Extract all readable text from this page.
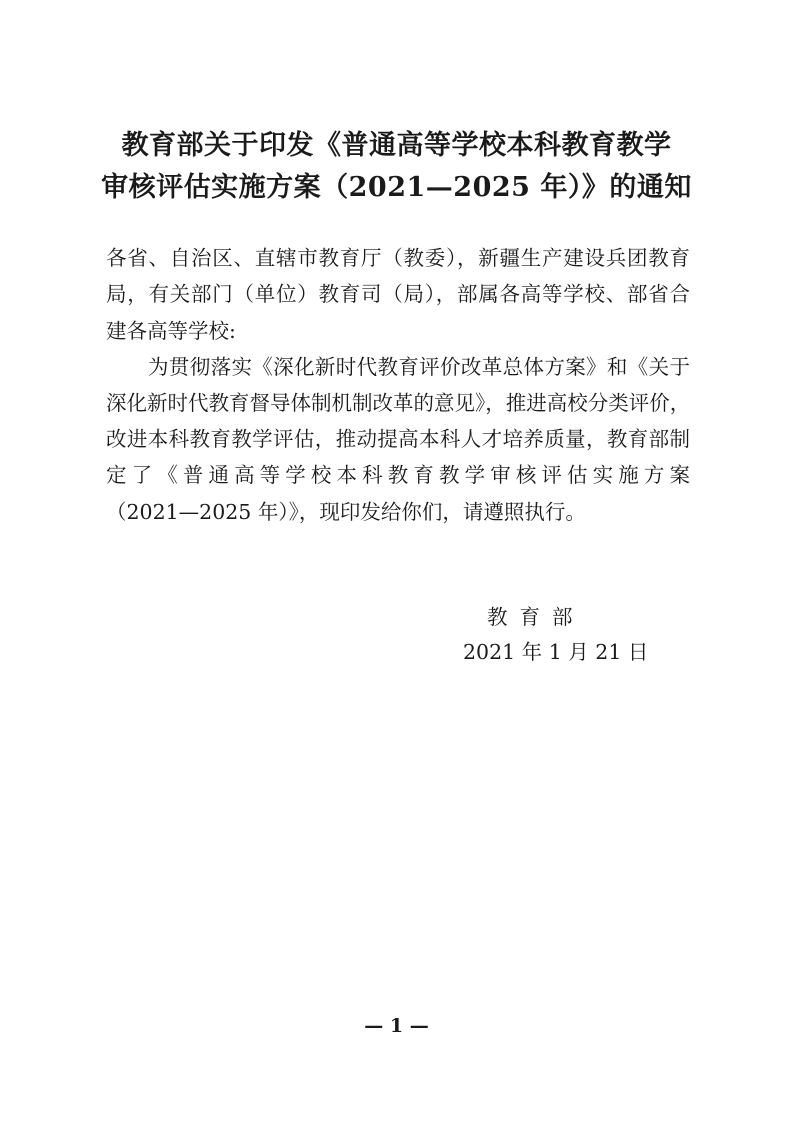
教育部关于印发《普通高等学校本科教育教学
审核评估实施方案（2021—2025 年）》的通知
各省、自治区、直辖市教育厅（教委），新疆生产建设兵团教育
局，有关部门（单位）教育司（局），部属各高等学校、部省合
建各高等学校:
为贯彻落实《深化新时代教育评价改革总体方案》和《关于
深化新时代教育督导体制机制改革的意见》，推进高校分类评价，
改进本科教育教学评估，推动提高本科人才培养质量，教育部制
定了《普通高等学校本科教育教学审核评估实施方案
（2021—2025 年）》，现印发给你们，请遵照执行。
教育部
2021 年 1 月 21 日
— 1 —
